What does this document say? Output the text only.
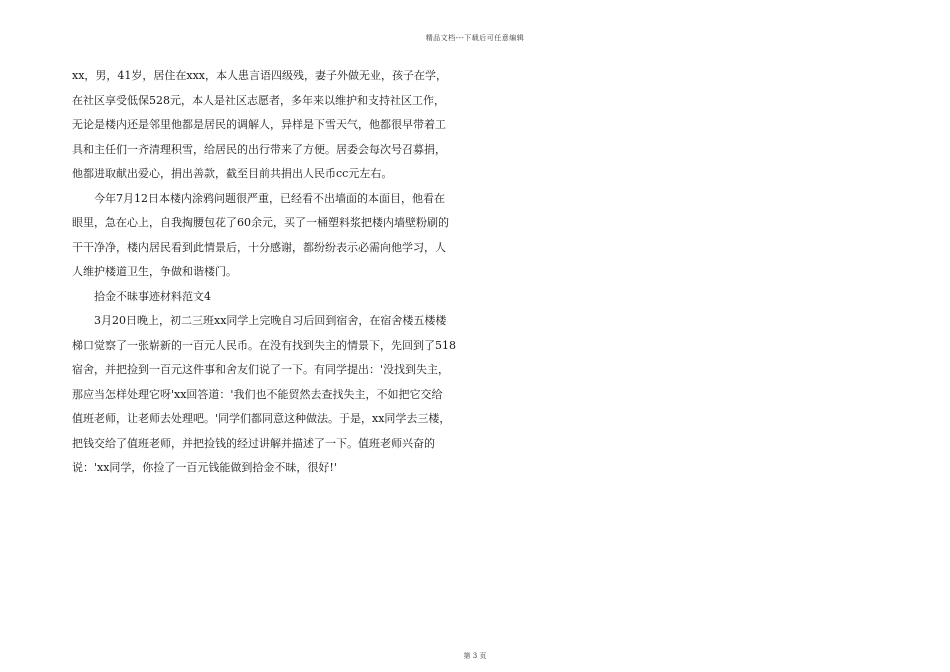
精品文档---下载后可任意编辑
xx，男，41岁，居住在xxx，本人患言语四级残，妻子外做无业，孩子在学，
在社区享受低保528元，本人是社区志愿者，多年来以维护和支持社区工作，
无论是楼内还是邻里他都是居民的调解人，异样是下雪天气，他都很早带着工
具和主任们一齐清理积雪，给居民的出行带来了方便。居委会每次号召募捐，
他都进取献出爱心，捐出善款，截至目前共捐出人民币cc元左右。
今年7月12日本楼内涂鸦问题很严重，已经看不出墙面的本面目，他看在
眼里，急在心上，自我掏腰包花了60余元，买了一桶塑料浆把楼内墙壁粉刷的
干干净净，楼内居民看到此情景后，十分感谢，都纷纷表示必需向他学习，人
人维护楼道卫生，争做和谐楼门。
拾金不昧事迹材料范文4
3月20日晚上，初二三班xx同学上完晚自习后回到宿舍，在宿舍楼五楼楼
梯口觉察了一张崭新的一百元人民币。在没有找到失主的情景下，先回到了518
宿舍，并把捡到一百元这件事和舍友们说了一下。有同学提出：'没找到失主，
那应当怎样处理它呀'xx回答道：'我们也不能贸然去查找失主，不如把它交给
值班老师，让老师去处理吧。'同学们都同意这种做法。于是，xx同学去三楼，
把钱交给了值班老师，并把捡钱的经过讲解并描述了一下。值班老师兴奋的
说：'xx同学，你捡了一百元钱能做到拾金不昧，很好!'
第 3 页
